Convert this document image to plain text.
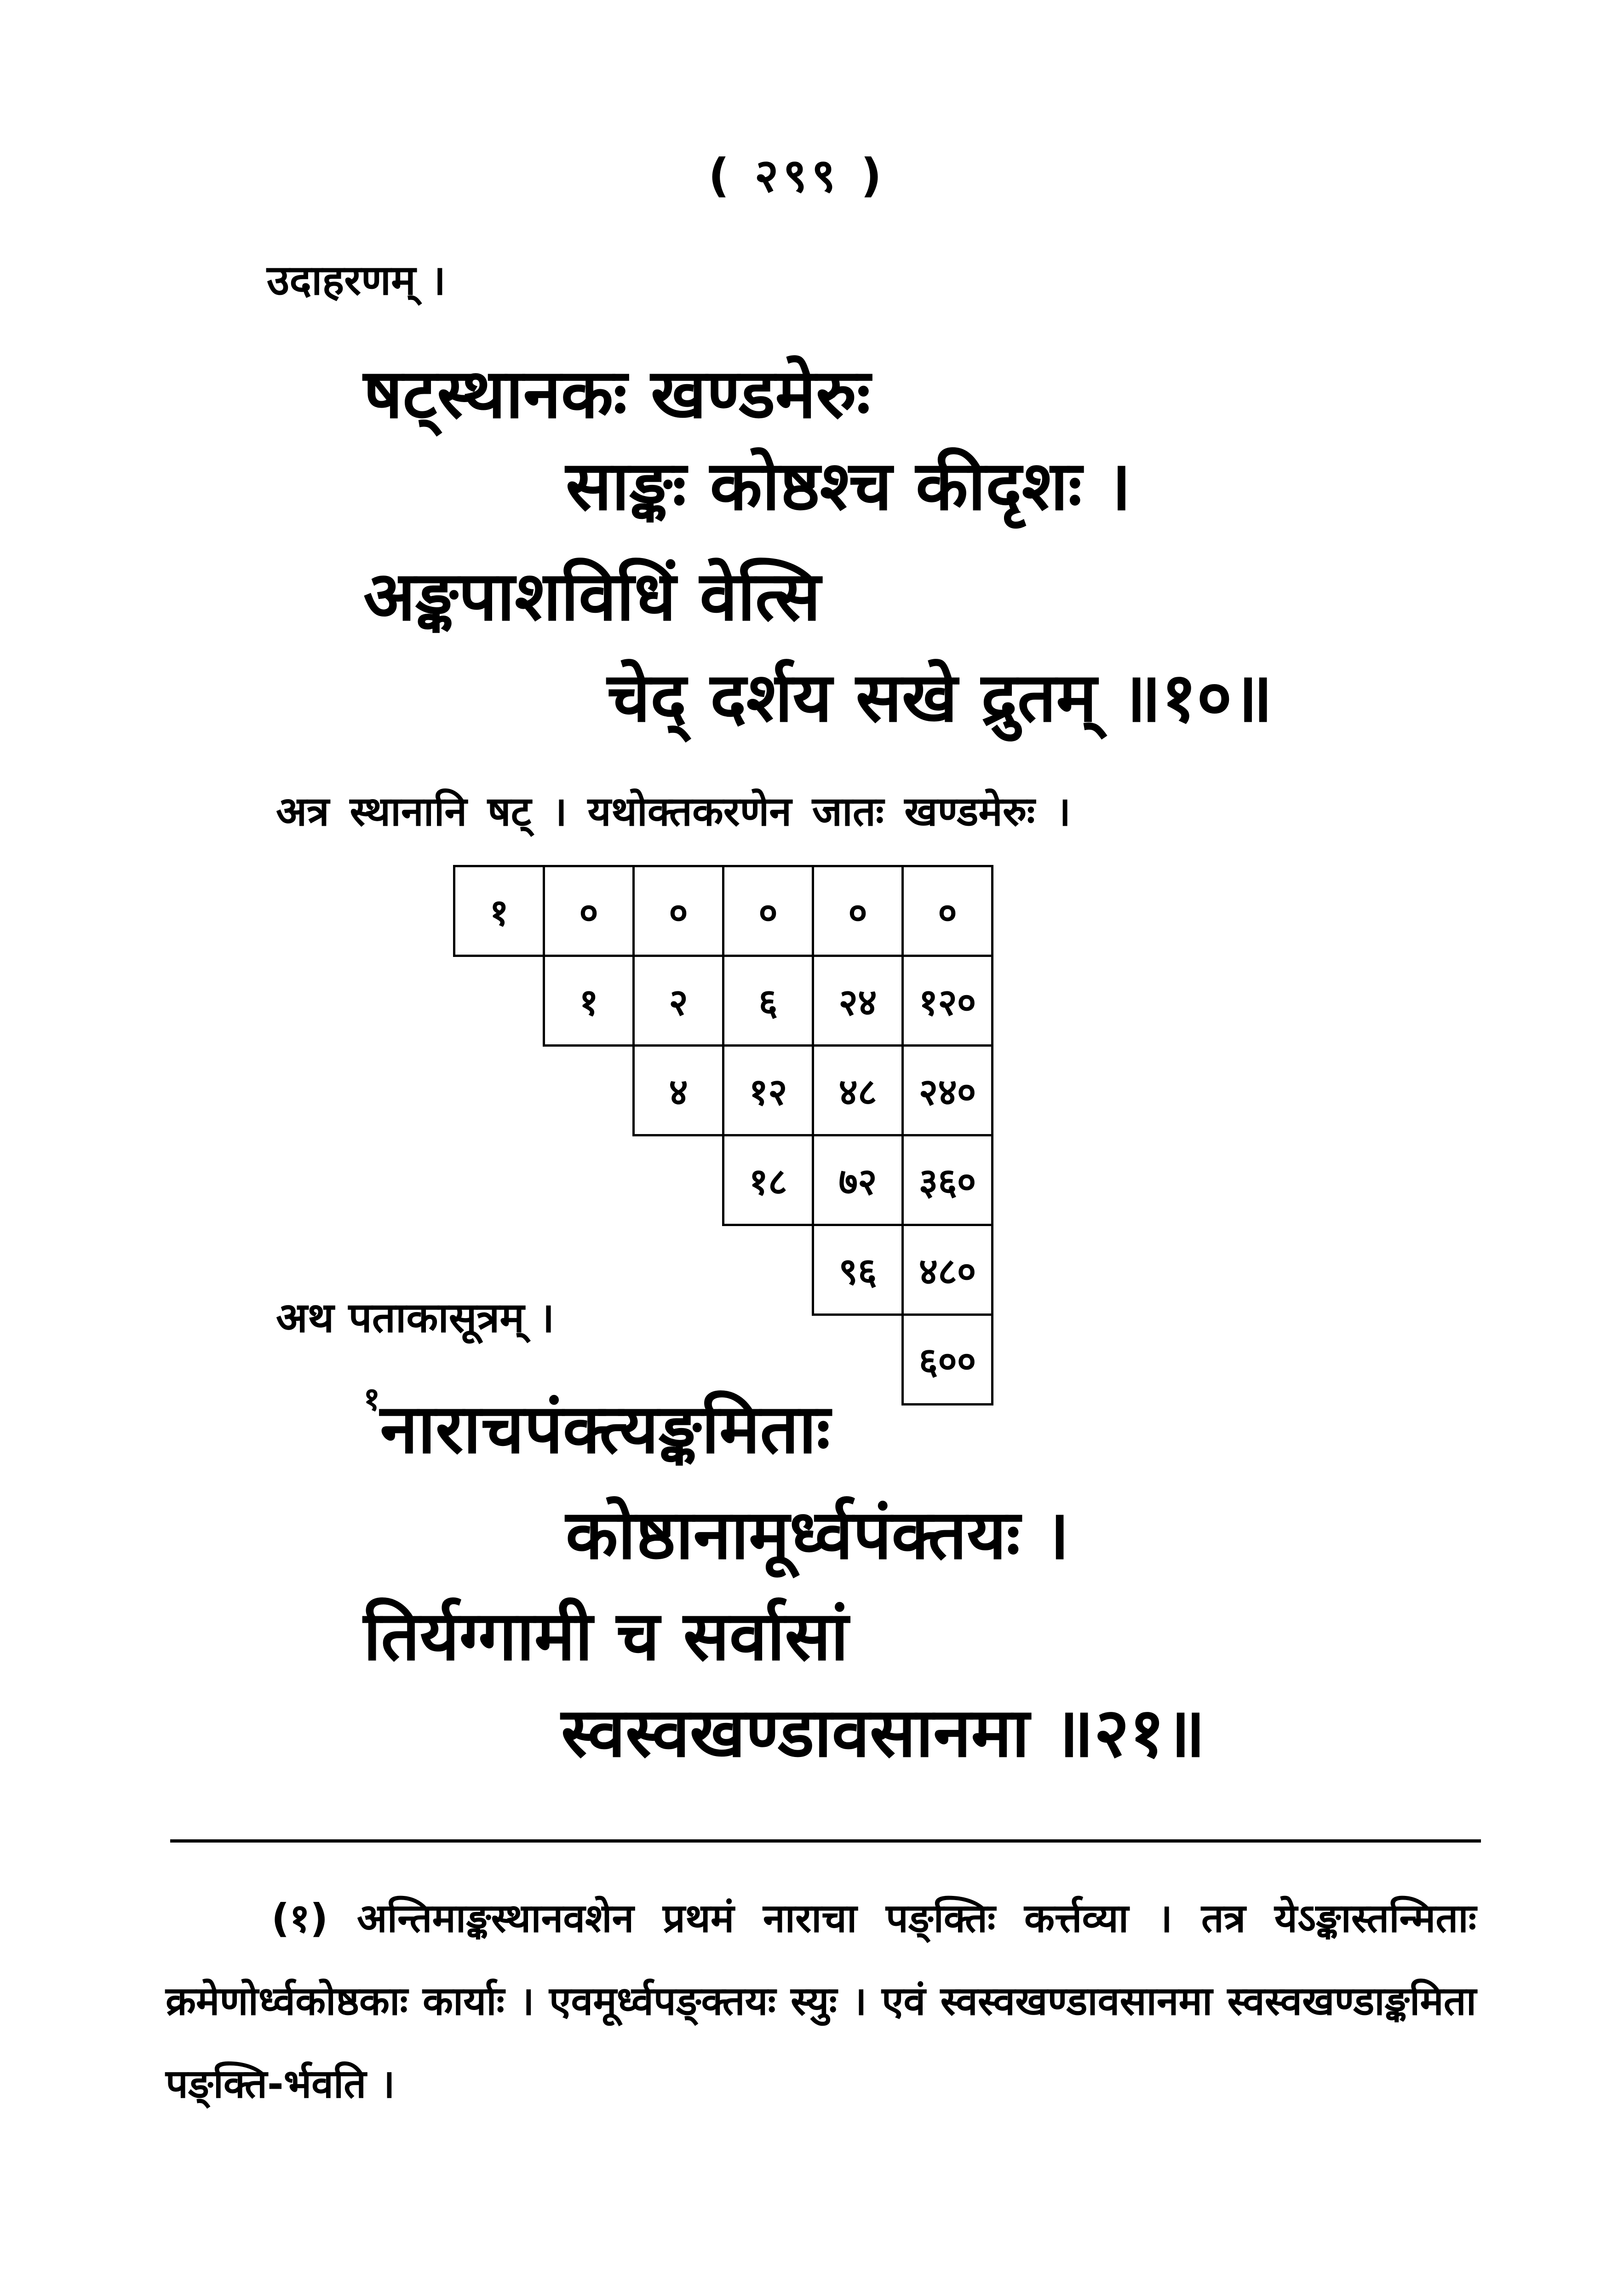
( २९९ )
उदाहरणम् ।
षट्स्थानकः खण्डमेरुः
साङ्कः कोष्ठश्च कीदृशः ।
अङ्कपाशविधिं वेत्सि
चेद् दर्शय सखे द्रुतम् ॥१०॥
अत्र स्थानानि षट् । यथोक्तकरणेन जातः खण्डमेरुः ।
१	०	०	०	०	०
	१	२	६	२४	१२०
		४	१२	४८	२४०
			१८	७२	३६०
				९६	४८०
					६००
अथ पताकासूत्रम् ।
$^१$नाराचपंक्त्यङ्कमिताः
कोष्ठानामूर्ध्वपंक्तयः ।
तिर्यग्गामी च सर्वासां
स्वस्वखण्डावसानमा ॥२१॥
(१) अन्तिमाङ्कस्थानवशेन प्रथमं नाराचा पङ्क्तिः कर्त्तव्या । तत्र येऽङ्कास्तन्मिताः क्रमेणोर्ध्वकोष्ठकाः कार्याः । एवमूर्ध्वपङ्क्तयः स्युः । एवं स्वस्वखण्डावसानमा स्वस्वखण्डाङ्कमिता पङ्क्ति-र्भवति ।
